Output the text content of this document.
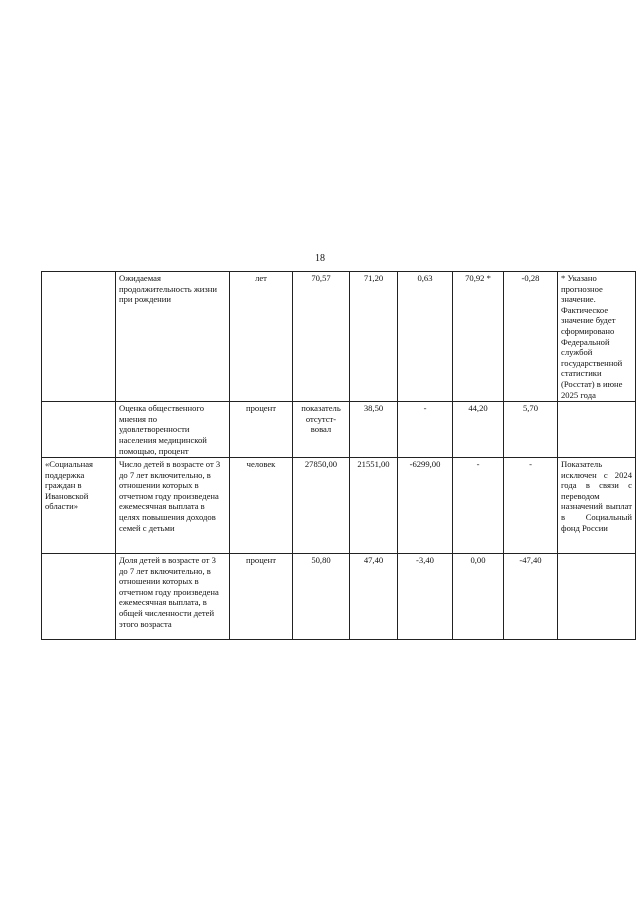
18
	Ожидаемая продолжительность жизни при рождении	лет	70,57	71,20	0,63	70,92 *	-0,28	* Указано прогнозное значение. Фактическое значение будет сформировано Федеральной службой государственной статистики (Росстат) в июне 2025 года
	Оценка общественного мнения по удовлетворенности населения медицинской помощью, процент	процент	показатель отсутст-вовал	38,50	-	44,20	5,70	
«Социальная поддержка граждан в Ивановской области»	Число детей в возрасте от 3 до 7 лет включительно, в отношении которых в отчетном году произведена ежемесячная выплата в целях повышения доходов семей с детьми	человек	27850,00	21551,00	-6299,00	-	-	Показатель исключен с 2024 года в связи с переводом назначений выплат в Социальный фонд России
	Доля детей в возрасте от 3 до 7 лет включительно, в отношении которых в отчетном году произведена ежемесячная выплата, в общей численности детей этого возраста	процент	50,80	47,40	-3,40	0,00	-47,40	
